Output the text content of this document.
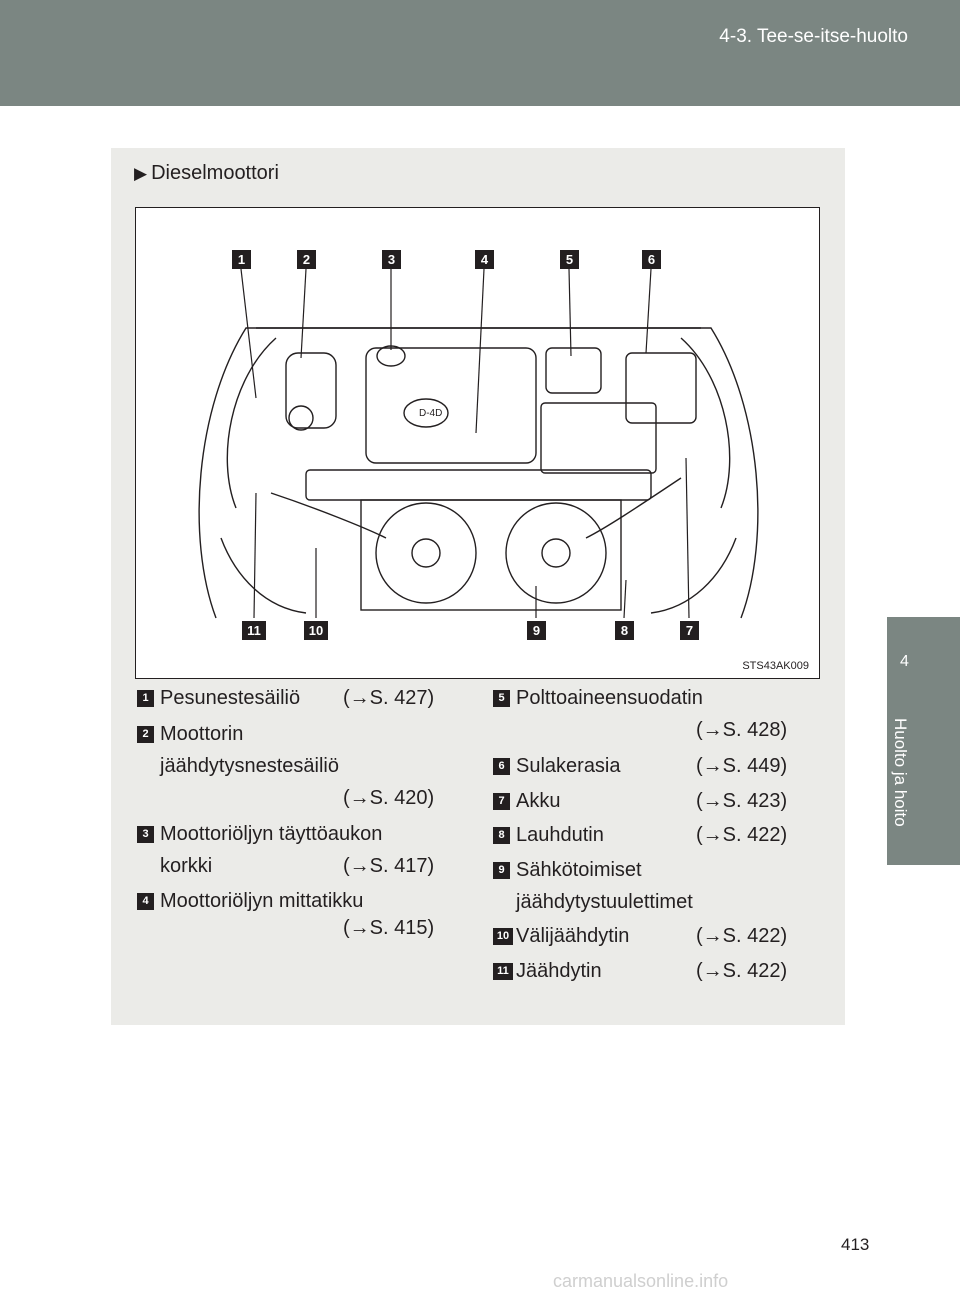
4-3. Tee-se-itse-huolto
4
Huolto ja hoito
▶ Dieselmoottori
D-4D
1	2	3	4	5	6
7
8
9
10
11
STS43AK009
1 Pesunestesäiliö (→S. 427)
2 Moottorin
jäähdytysnestesäiliö
(→S. 420)
3 Moottoriöljyn täyttöaukon
korkki	(→S. 417)
4 Moottoriöljyn mittatikku
(→S. 415)
5 Polttoaineensuodatin
(→S. 428)
6 Sulakerasia	(→S. 449)
7 Akku	(→S. 423)
8 Lauhdutin	(→S. 422)
9 Sähkötoimiset
jäähdytystuulettimet
10 Välijäähdytin	(→S. 422)
11 Jäähdytin	(→S. 422)
413
carmanualsonline.info
